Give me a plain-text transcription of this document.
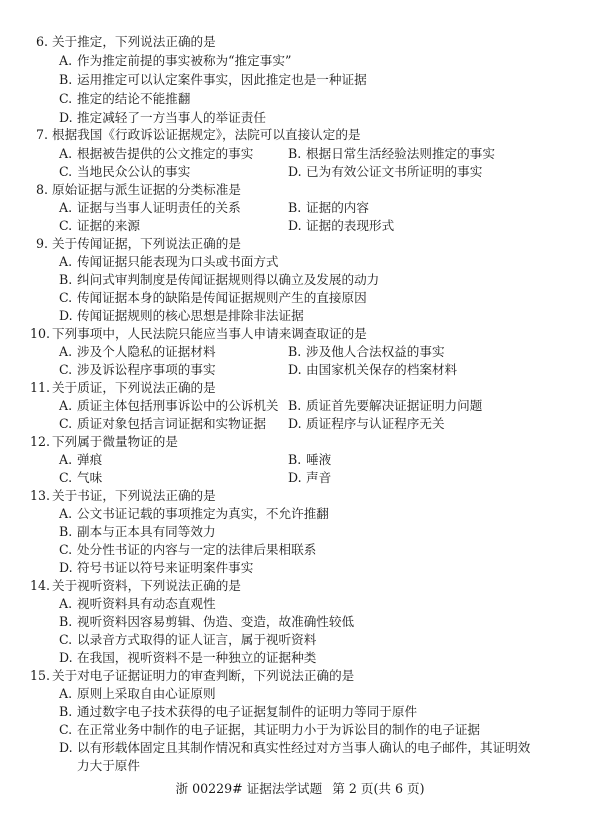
6. 关于推定，下列说法正确的是
A. 作为推定前提的事实被称为“推定事实”
B. 运用推定可以认定案件事实，因此推定也是一种证据
C. 推定的结论不能推翻
D. 推定减轻了一方当事人的举证责任
7. 根据我国《行政诉讼证据规定》，法院可以直接认定的是
A. 根据被告提供的公文推定的事实	B. 根据日常生活经验法则推定的事实
C. 当地民众公认的事实	D. 已为有效公证文书所证明的事实
8. 原始证据与派生证据的分类标准是
A. 证据与当事人证明责任的关系	B. 证据的内容
C. 证据的来源	D. 证据的表现形式
9. 关于传闻证据，下列说法正确的是
A. 传闻证据只能表现为口头或书面方式
B. 纠问式审判制度是传闻证据规则得以确立及发展的动力
C. 传闻证据本身的缺陷是传闻证据规则产生的直接原因
D. 传闻证据规则的核心思想是排除非法证据
10. 下列事项中，人民法院只能应当事人申请来调查取证的是
A. 涉及个人隐私的证据材料	B. 涉及他人合法权益的事实
C. 涉及诉讼程序事项的事实	D. 由国家机关保存的档案材料
11. 关于质证，下列说法正确的是
A. 质证主体包括刑事诉讼中的公诉机关 B. 质证首先要解决证据证明力问题
C. 质证对象包括言词证据和实物证据 D. 质证程序与认证程序无关
12. 下列属于微量物证的是
A. 弹痕	B. 唾液
C. 气味	D. 声音
13. 关于书证，下列说法正确的是
A. 公文书证记载的事项推定为真实，不允许推翻
B. 副本与正本具有同等效力
C. 处分性书证的内容与一定的法律后果相联系
D. 符号书证以符号来证明案件事实
14. 关于视听资料，下列说法正确的是
A. 视听资料具有动态直观性
B. 视听资料因容易剪辑、伪造、变造，故准确性较低
C. 以录音方式取得的证人证言，属于视听资料
D. 在我国，视听资料不是一种独立的证据种类
15. 关于对电子证据证明力的审查判断，下列说法正确的是
A. 原则上采取自由心证原则
B. 通过数字电子技术获得的电子证据复制件的证明力等同于原件
C. 在正常业务中制作的电子证据，其证明力小于为诉讼目的制作的电子证据
D. 以有形载体固定且其制作情况和真实性经过对方当事人确认的电子邮件，其证明效
力大于原件
浙 00229# 证据法学试题 第 2 页(共 6 页)
